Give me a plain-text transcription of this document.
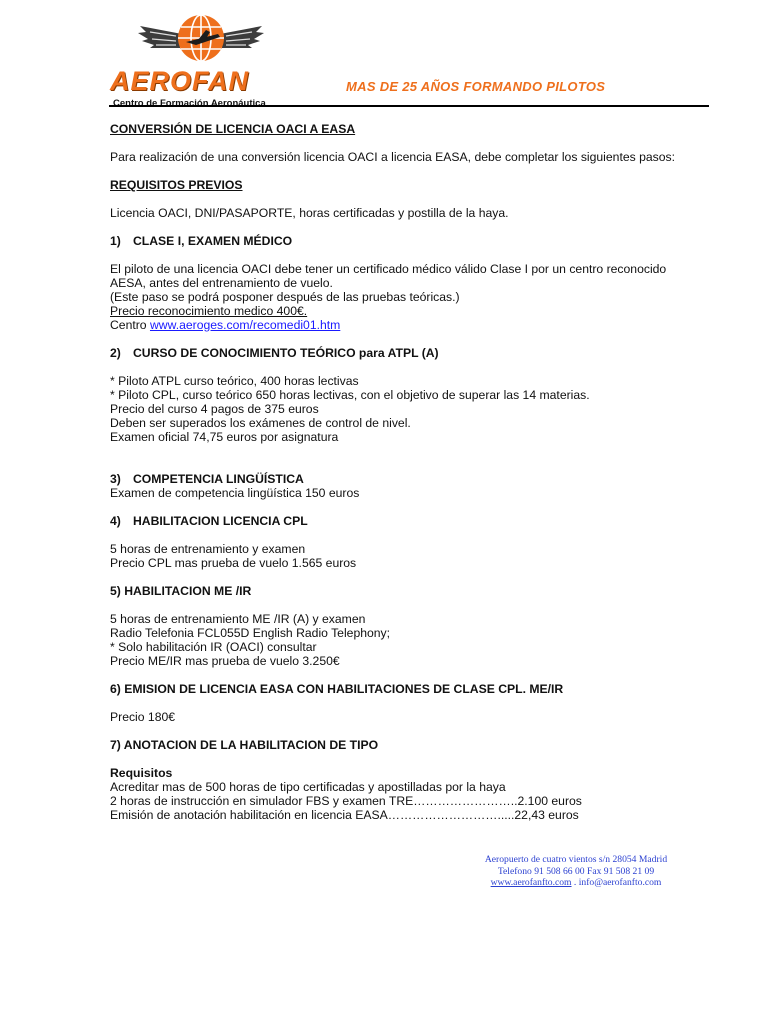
AEROFAN
Centro de Formación Aeronáutica
MAS DE 25 AÑOS FORMANDO PILOTOS

CONVERSIÓN DE LICENCIA OACI A EASA

Para realización de una conversión licencia OACI a licencia EASA, debe completar los siguientes pasos:

REQUISITOS PREVIOS

Licencia OACI, DNI/PASAPORTE, horas certificadas y postilla de la haya.

1) CLASE I, EXAMEN MÉDICO

El piloto de una licencia OACI debe tener un certificado médico válido Clase I por un centro reconocido

AESA, antes del entrenamiento de vuelo.

(Este paso se podrá posponer después de las pruebas teóricas.)

Precio reconocimiento medico 400€.

Centro www.aeroges.com/recomedi01.htm

2) CURSO DE CONOCIMIENTO TEÓRICO para ATPL (A)

* Piloto ATPL curso teórico, 400 horas lectivas

* Piloto CPL, curso teórico 650 horas lectivas, con el objetivo de superar las 14 materias.

Precio del curso 4 pagos de 375 euros

Deben ser superados los exámenes de control de nivel.

Examen oficial 74,75 euros por asignatura

3) COMPETENCIA LINGÜÍSTICA

Examen de competencia lingüística 150 euros

4) HABILITACION LICENCIA CPL

5 horas de entrenamiento y examen

Precio CPL mas prueba de vuelo 1.565 euros

5) HABILITACION ME /IR

5 horas de entrenamiento ME /IR (A) y examen

Radio Telefonia FCL055D English Radio Telephony;

* Solo habilitación IR (OACI) consultar

Precio ME/IR mas prueba de vuelo 3.250€

6) EMISION DE LICENCIA EASA CON HABILITACIONES DE CLASE CPL. ME/IR

Precio 180€

7) ANOTACION DE LA HABILITACION DE TIPO

Requisitos

Acreditar mas de 500 horas de tipo certificadas y apostilladas por la haya

2 horas de instrucción en simulador FBS y examen TRE……………………..2.100 euros

Emisión de anotación habilitación en licencia EASA……………………….....22,43 euros

Aeropuerto de cuatro vientos s/n 28054 Madrid
Telefono 91 508 66 00 Fax 91 508 21 09
www.aerofanfto.com . info@aerofanfto.com
